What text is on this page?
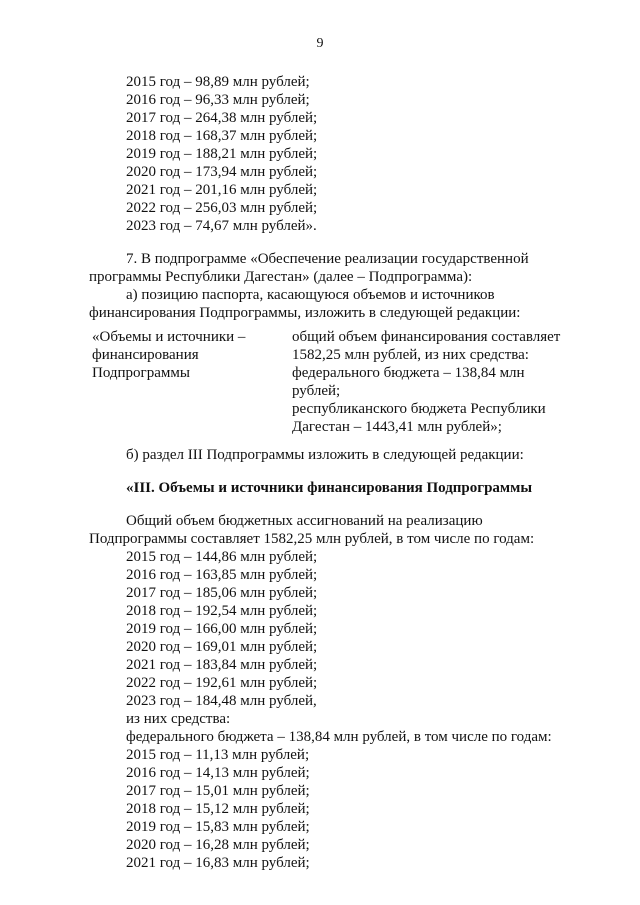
9
2015 год – 98,89 млн рублей;
2016 год – 96,33 млн рублей;
2017 год – 264,38 млн рублей;
2018 год – 168,37 млн рублей;
2019 год – 188,21 млн рублей;
2020 год – 173,94 млн рублей;
2021 год – 201,16 млн рублей;
2022 год – 256,03 млн рублей;
2023 год – 74,67 млн рублей».
7. В подпрограмме «Обеспечение реализации государственной
программы Республики Дагестан» (далее – Подпрограмма):
а) позицию паспорта, касающуюся объемов и источников
финансирования Подпрограммы, изложить в следующей редакции:
«Объемы и источники –
финансирования
Подпрограммы
общий объем финансирования составляет
1582,25 млн рублей, из них средства:
федерального бюджета – 138,84 млн
рублей;
республиканского бюджета Республики
Дагестан – 1443,41 млн рублей»;
б) раздел III Подпрограммы изложить в следующей редакции:
«III. Объемы и источники финансирования Подпрограммы
Общий объем бюджетных ассигнований на реализацию
Подпрограммы составляет 1582,25 млн рублей, в том числе по годам:
2015 год – 144,86 млн рублей;
2016 год – 163,85 млн рублей;
2017 год – 185,06 млн рублей;
2018 год – 192,54 млн рублей;
2019 год – 166,00 млн рублей;
2020 год – 169,01 млн рублей;
2021 год – 183,84 млн рублей;
2022 год – 192,61 млн рублей;
2023 год – 184,48 млн рублей,
из них средства:
федерального бюджета – 138,84 млн рублей, в том числе по годам:
2015 год – 11,13 млн рублей;
2016 год – 14,13 млн рублей;
2017 год – 15,01 млн рублей;
2018 год – 15,12 млн рублей;
2019 год – 15,83 млн рублей;
2020 год – 16,28 млн рублей;
2021 год – 16,83 млн рублей;
